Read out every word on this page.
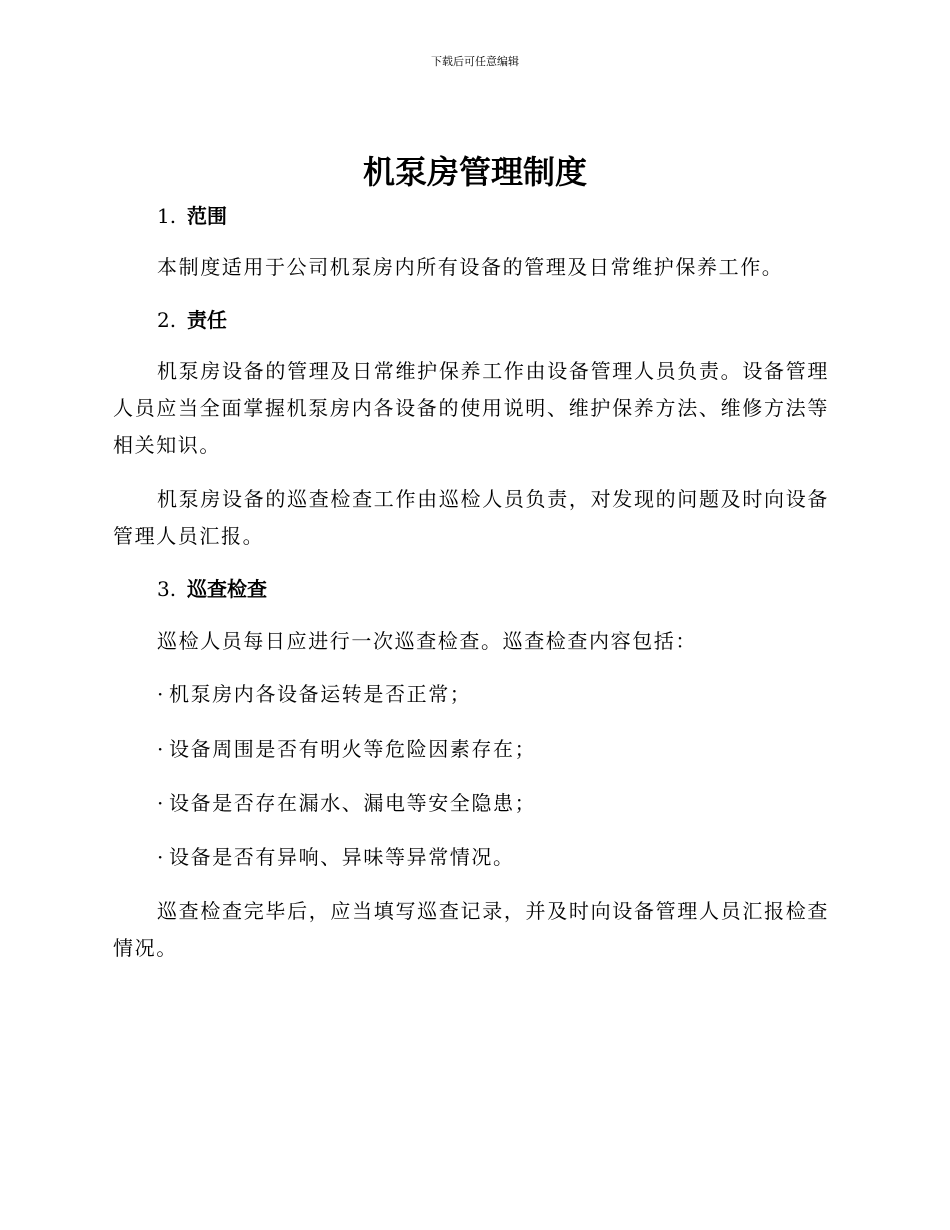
下载后可任意编辑
机泵房管理制度
1. 范围
本制度适用于公司机泵房内所有设备的管理及日常维护保养工作。
2. 责任
机泵房设备的管理及日常维护保养工作由设备管理人员负责。设备管理人员应当全面掌握机泵房内各设备的使用说明、维护保养方法、维修方法等相关知识。
机泵房设备的巡查检查工作由巡检人员负责，对发现的问题及时向设备管理人员汇报。
3. 巡查检查
巡检人员每日应进行一次巡查检查。巡查检查内容包括：
· 机泵房内各设备运转是否正常；
· 设备周围是否有明火等危险因素存在；
· 设备是否存在漏水、漏电等安全隐患；
· 设备是否有异响、异味等异常情况。
巡查检查完毕后，应当填写巡查记录，并及时向设备管理人员汇报检查情况。
